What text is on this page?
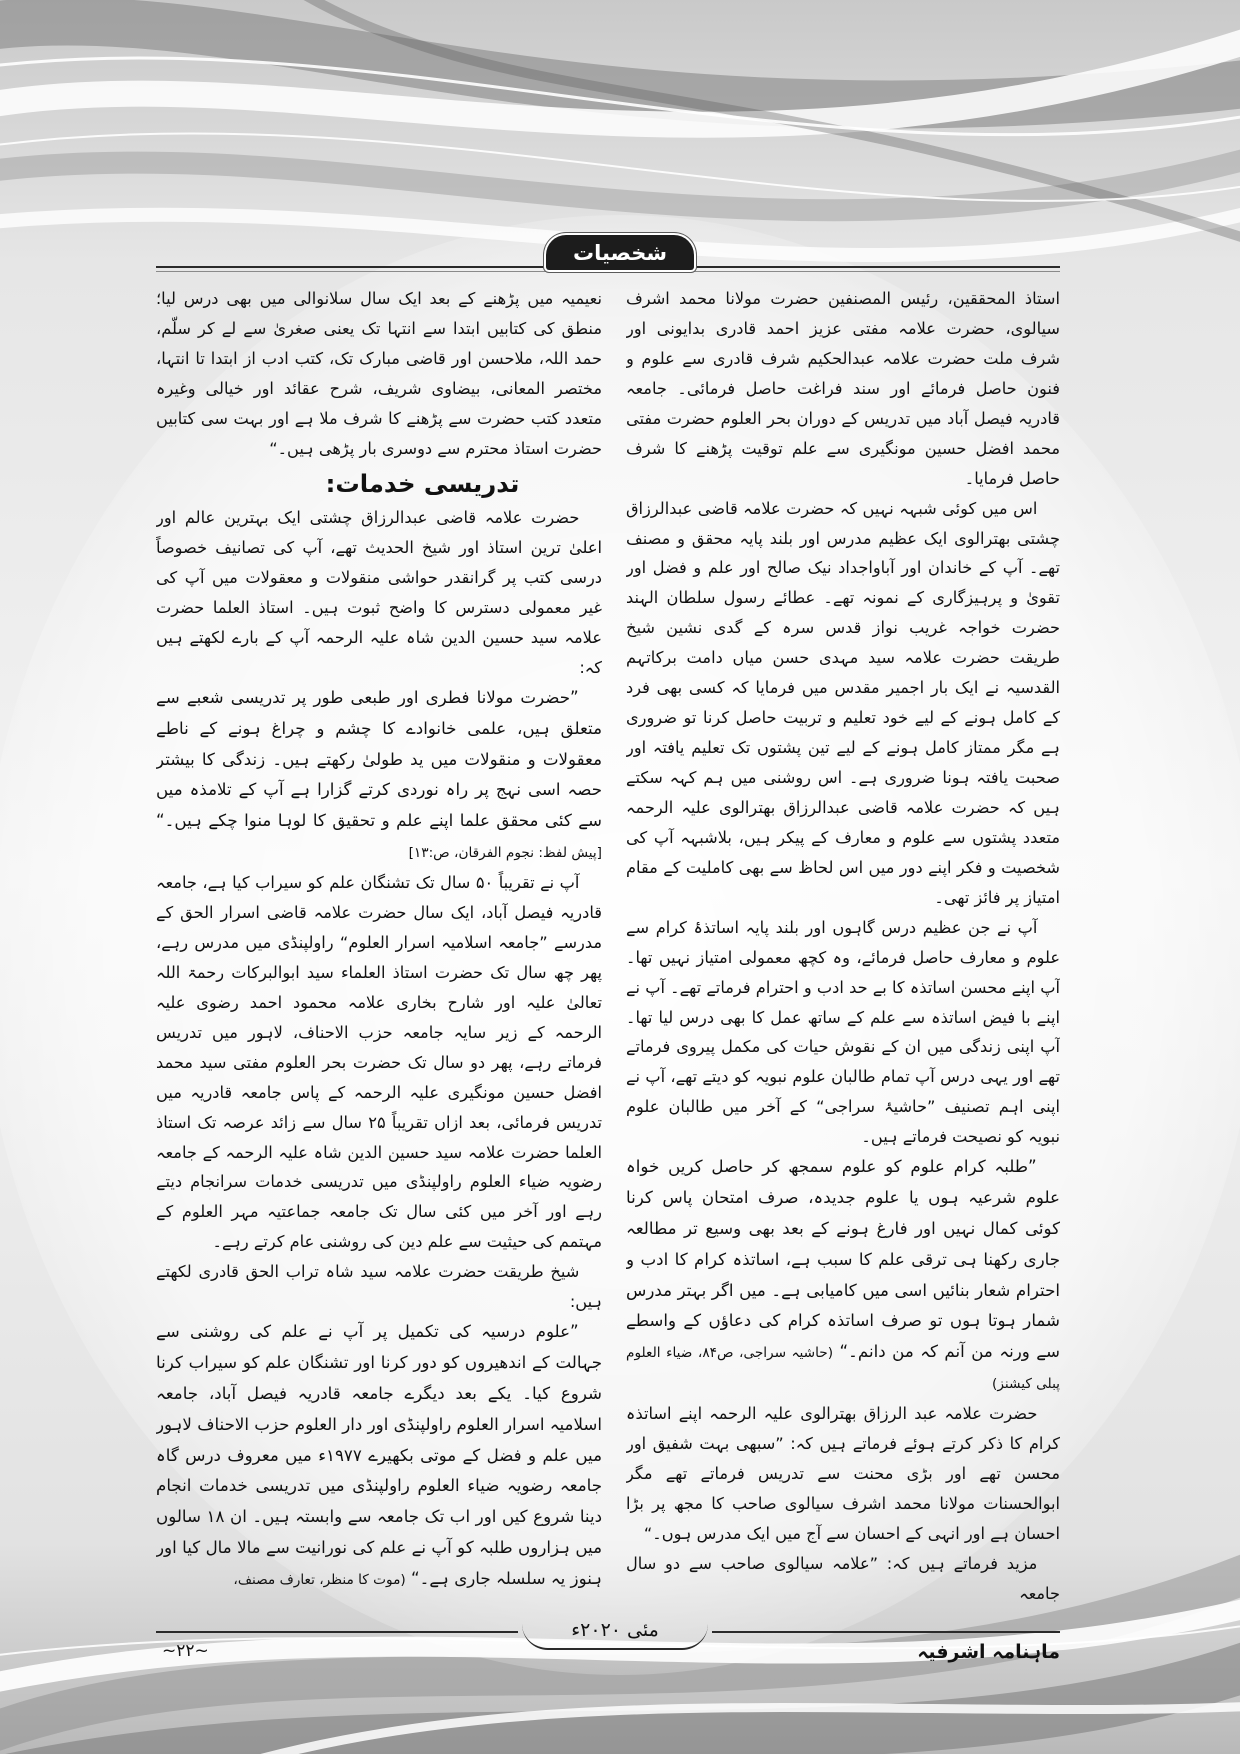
شخصیات

استاذ المحققین، رئیس المصنفین حضرت مولانا محمد اشرف سیالوی، حضرت علامہ مفتی عزیز احمد قادری بدایونی اور شرف ملت حضرت علامہ عبدالحکیم شرف قادری سے علوم و فنون حاصل فرمائے اور سند فراغت حاصل فرمائی۔ جامعہ قادریہ فیصل آباد میں تدریس کے دوران بحر العلوم حضرت مفتی محمد افضل حسین مونگیری سے علم توقیت پڑھنے کا شرف حاصل فرمایا۔

اس میں کوئی شبہہ نہیں کہ حضرت علامہ قاضی عبدالرزاق چشتی بھترالوی ایک عظیم مدرس اور بلند پایہ محقق و مصنف تھے۔ آپ کے خاندان اور آباواجداد نیک صالح اور علم و فضل اور تقویٰ و پرہیزگاری کے نمونہ تھے۔ عطائے رسول سلطان الہند حضرت خواجہ غریب نواز قدس سرہ کے گدی نشین شیخ طریقت حضرت علامہ سید مہدی حسن میاں دامت برکاتہم القدسیہ نے ایک بار اجمیر مقدس میں فرمایا کہ کسی بھی فرد کے کامل ہونے کے لیے خود تعلیم و تربیت حاصل کرنا تو ضروری ہے مگر ممتاز کامل ہونے کے لیے تین پشتوں تک تعلیم یافتہ اور صحبت یافتہ ہونا ضروری ہے۔ اس روشنی میں ہم کہہ سکتے ہیں کہ حضرت علامہ قاضی عبدالرزاق بھترالوی علیہ الرحمہ متعدد پشتوں سے علوم و معارف کے پیکر ہیں، بلاشبہہ آپ کی شخصیت و فکر اپنے دور میں اس لحاظ سے بھی کاملیت کے مقام امتیاز پر فائز تھی۔

آپ نے جن عظیم درس گاہوں اور بلند پایہ اساتذۂ کرام سے علوم و معارف حاصل فرمائے، وہ کچھ معمولی امتیاز نہیں تھا۔ آپ اپنے محسن اساتذہ کا بے حد ادب و احترام فرماتے تھے۔ آپ نے اپنے با فیض اساتذہ سے علم کے ساتھ عمل کا بھی درس لیا تھا۔ آپ اپنی زندگی میں ان کے نقوش حیات کی مکمل پیروی فرماتے تھے اور یہی درس آپ تمام طالبان علوم نبویہ کو دیتے تھے، آپ نے اپنی اہم تصنیف ”حاشیۂ سراجی“ کے آخر میں طالبان علوم نبویہ کو نصیحت فرماتے ہیں۔

”طلبہ کرام علوم کو علوم سمجھ کر حاصل کریں خواہ علوم شرعیہ ہوں یا علوم جدیدہ، صرف امتحان پاس کرنا کوئی کمال نہیں اور فارغ ہونے کے بعد بھی وسیع تر مطالعہ جاری رکھنا ہی ترقی علم کا سبب ہے، اساتذہ کرام کا ادب و احترام شعار بنائیں اسی میں کامیابی ہے۔ میں اگر بہتر مدرس شمار ہوتا ہوں تو صرف اساتذہ کرام کی دعاؤں کے واسطے سے ورنہ من آنم کہ من دانم۔“ (حاشیہ سراجی، ص۸۴، ضیاء العلوم پبلی کیشنز)

حضرت علامہ عبد الرزاق بھترالوی علیہ الرحمہ اپنے اساتذہ کرام کا ذکر کرتے ہوئے فرماتے ہیں کہ: ”سبھی بہت شفیق اور محسن تھے اور بڑی محنت سے تدریس فرماتے تھے مگر ابوالحسنات مولانا محمد اشرف سیالوی صاحب کا مجھ پر بڑا احسان ہے اور انہی کے احسان سے آج میں ایک مدرس ہوں۔“

مزید فرماتے ہیں کہ: ”علامہ سیالوی صاحب سے دو سال جامعہ

نعیمیہ میں پڑھنے کے بعد ایک سال سلانوالی میں بھی درس لیا؛ منطق کی کتابیں ابتدا سے انتہا تک یعنی صغریٰ سے لے کر سلّم، حمد اللہ، ملاحسن اور قاضی مبارک تک، کتب ادب از ابتدا تا انتہا، مختصر المعانی، بیضاوی شریف، شرح عقائد اور خیالی وغیرہ متعدد کتب حضرت سے پڑھنے کا شرف ملا ہے اور بہت سی کتابیں حضرت استاذ محترم سے دوسری بار پڑھی ہیں۔“

تدریسی خدمات:

حضرت علامہ قاضی عبدالرزاق چشتی ایک بہترین عالم اور اعلیٰ ترین استاذ اور شیخ الحدیث تھے، آپ کی تصانیف خصوصاً درسی کتب پر گرانقدر حواشی منقولات و معقولات میں آپ کی غیر معمولی دسترس کا واضح ثبوت ہیں۔ استاذ العلما حضرت علامہ سید حسین الدین شاہ علیہ الرحمہ آپ کے بارے لکھتے ہیں کہ:

”حضرت مولانا فطری اور طبعی طور پر تدریسی شعبے سے متعلق ہیں، علمی خانوادے کا چشم و چراغ ہونے کے ناطے معقولات و منقولات میں ید طولیٰ رکھتے ہیں۔ زندگی کا بیشتر حصہ اسی نہج پر راہ نوردی کرتے گزارا ہے آپ کے تلامذہ میں سے کئی محقق علما اپنے علم و تحقیق کا لوہا منوا چکے ہیں۔“ [پیش لفظ: نجوم الفرقان، ص:۱۳]

آپ نے تقریباً ۵۰ سال تک تشنگان علم کو سیراب کیا ہے، جامعہ قادریہ فیصل آباد، ایک سال حضرت علامہ قاضی اسرار الحق کے مدرسے ”جامعہ اسلامیہ اسرار العلوم“ راولپنڈی میں مدرس رہے، پھر چھ سال تک حضرت استاذ العلماء سید ابوالبرکات رحمۃ اللہ تعالیٰ علیہ اور شارح بخاری علامہ محمود احمد رضوی علیہ الرحمہ کے زیر سایہ جامعہ حزب الاحناف، لاہور میں تدریس فرماتے رہے، پھر دو سال تک حضرت بحر العلوم مفتی سید محمد افضل حسین مونگیری علیہ الرحمہ کے پاس جامعہ قادریہ میں تدریس فرمائی، بعد ازاں تقریباً ۲۵ سال سے زائد عرصہ تک استاذ العلما حضرت علامہ سید حسین الدین شاہ علیہ الرحمہ کے جامعہ رضویہ ضیاء العلوم راولپنڈی میں تدریسی خدمات سرانجام دیتے رہے اور آخر میں کئی سال تک جامعہ جماعتیہ مہر العلوم کے مہتمم کی حیثیت سے علم دین کی روشنی عام کرتے رہے۔

شیخ طریقت حضرت علامہ سید شاہ تراب الحق قادری لکھتے ہیں:

”علوم درسیہ کی تکمیل پر آپ نے علم کی روشنی سے جہالت کے اندھیروں کو دور کرنا اور تشنگان علم کو سیراب کرنا شروع کیا۔ یکے بعد دیگرے جامعہ قادریہ فیصل آباد، جامعہ اسلامیہ اسرار العلوم راولپنڈی اور دار العلوم حزب الاحناف لاہور میں علم و فضل کے موتی بکھیرے ۱۹۷۷ء میں معروف درس گاہ جامعہ رضویہ ضیاء العلوم راولپنڈی میں تدریسی خدمات انجام دینا شروع کیں اور اب تک جامعہ سے وابستہ ہیں۔ ان ۱۸ سالوں میں ہزاروں طلبہ کو آپ نے علم کی نورانیت سے مالا مال کیا اور ہنوز یہ سلسلہ جاری ہے۔“ (موت کا منظر، تعارف مصنف،

مئی ۲۰۲۰ء
ماہنامہ اشرفیہ
~۲۲~
